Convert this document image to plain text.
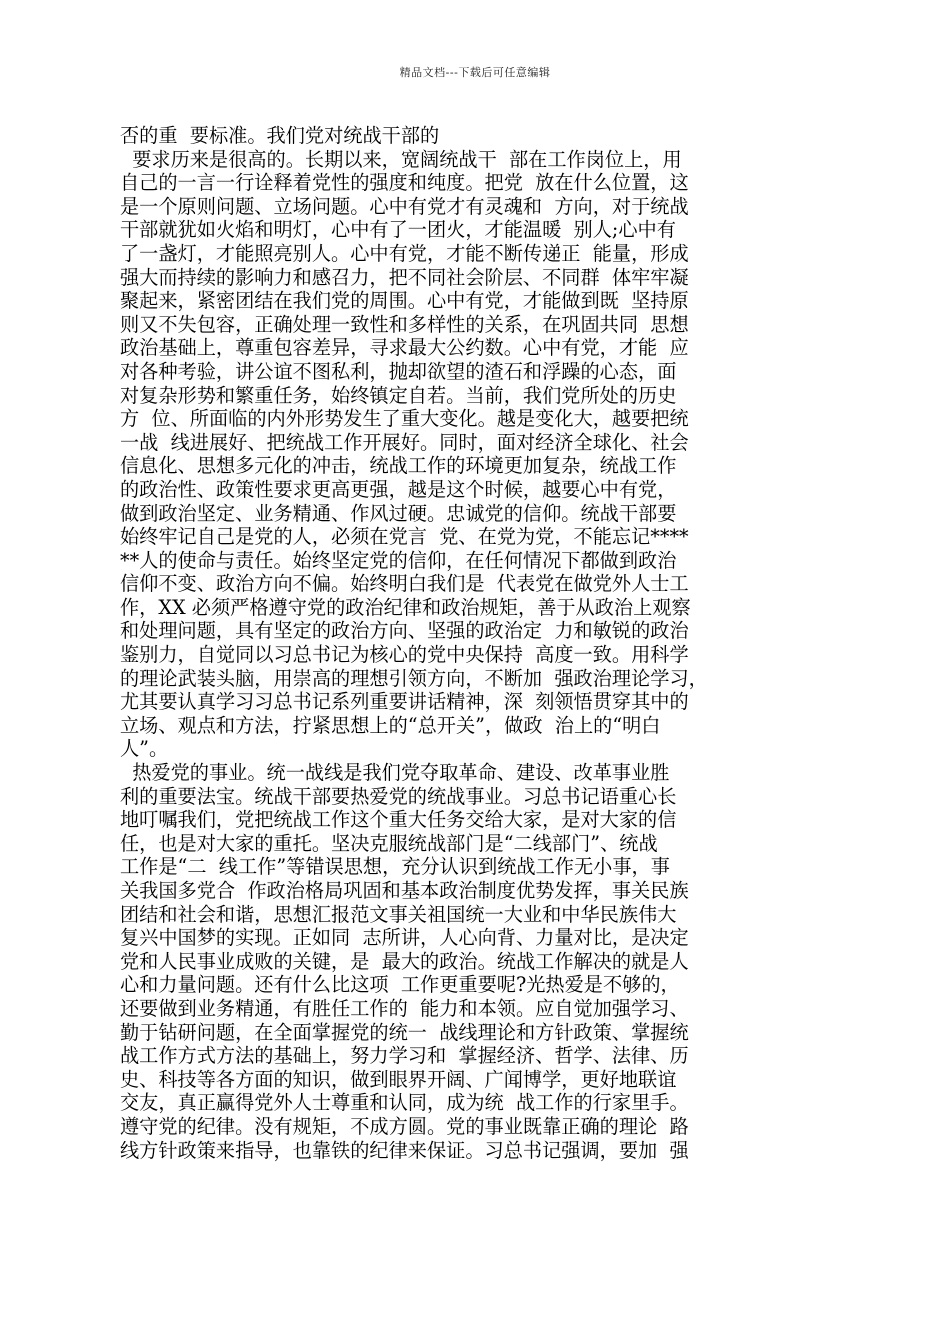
精品文档---下载后可任意编辑
否的重  要标准。我们党对统战干部的
要求历来是很高的。长期以来，宽阔统战干  部在工作岗位上，用
自己的一言一行诠释着党性的强度和纯度。把党  放在什么位置，这
是一个原则问题、立场问题。心中有党才有灵魂和  方向，对于统战
干部就犹如火焰和明灯，心中有了一团火，才能温暖  别人;心中有
了一盏灯，才能照亮别人。心中有党，才能不断传递正  能量，形成
强大而持续的影响力和感召力，把不同社会阶层、不同群  体牢牢凝
聚起来，紧密团结在我们党的周围。心中有党，才能做到既  坚持原
则又不失包容，正确处理一致性和多样性的关系，在巩固共同  思想
政治基础上，尊重包容差异，寻求最大公约数。心中有党，才能  应
对各种考验，讲公谊不图私利，抛却欲望的渣石和浮躁的心态，面
对复杂形势和繁重任务，始终镇定自若。当前，我们党所处的历史
方  位、所面临的内外形势发生了重大变化。越是变化大，越要把统
一战  线进展好、把统战工作开展好。同时，面对经济全球化、社会
信息化、思想多元化的冲击，统战工作的环境更加复杂，统战工作
的政治性、政策性要求更高更强，越是这个时候，越要心中有党，
做到政治坚定、业务精通、作风过硬。忠诚党的信仰。统战干部要
始终牢记自己是党的人，必须在党言  党、在党为党，不能忘记****
**人的使命与责任。始终坚定党的信仰，在任何情况下都做到政治
信仰不变、政治方向不偏。始终明白我们是  代表党在做党外人士工
作，XX 必须严格遵守党的政治纪律和政治规矩，善于从政治上观察
和处理问题，具有坚定的政治方向、坚强的政治定  力和敏锐的政治
鉴别力，自觉同以习总书记为核心的党中央保持  高度一致。用科学
的理论武装头脑，用崇高的理想引领方向，不断加  强政治理论学习，
尤其要认真学习习总书记系列重要讲话精神，深  刻领悟贯穿其中的
立场、观点和方法，拧紧思想上的“总开关”，做政  治上的“明白
人”。
热爱党的事业。统一战线是我们党夺取革命、建设、改革事业胜
利的重要法宝。统战干部要热爱党的统战事业。习总书记语重心长
地叮嘱我们，党把统战工作这个重大任务交给大家，是对大家的信
任，也是对大家的重托。坚决克服统战部门是“二线部门”、统战
工作是“二  线工作”等错误思想，充分认识到统战工作无小事，事
关我国多党合  作政治格局巩固和基本政治制度优势发挥，事关民族
团结和社会和谐，思想汇报范文事关祖国统一大业和中华民族伟大
复兴中国梦的实现。正如同  志所讲，人心向背、力量对比，是决定
党和人民事业成败的关键，是  最大的政治。统战工作解决的就是人
心和力量问题。还有什么比这项  工作更重要呢?光热爱是不够的，
还要做到业务精通，有胜任工作的  能力和本领。应自觉加强学习、
勤于钻研问题，在全面掌握党的统一  战线理论和方针政策、掌握统
战工作方式方法的基础上，努力学习和  掌握经济、哲学、法律、历
史、科技等各方面的知识，做到眼界开阔、广闻博学，更好地联谊
交友，真正赢得党外人士尊重和认同，成为统  战工作的行家里手。
遵守党的纪律。没有规矩，不成方圆。党的事业既靠正确的理论  路
线方针政策来指导，也靠铁的纪律来保证。习总书记强调，要加  强
